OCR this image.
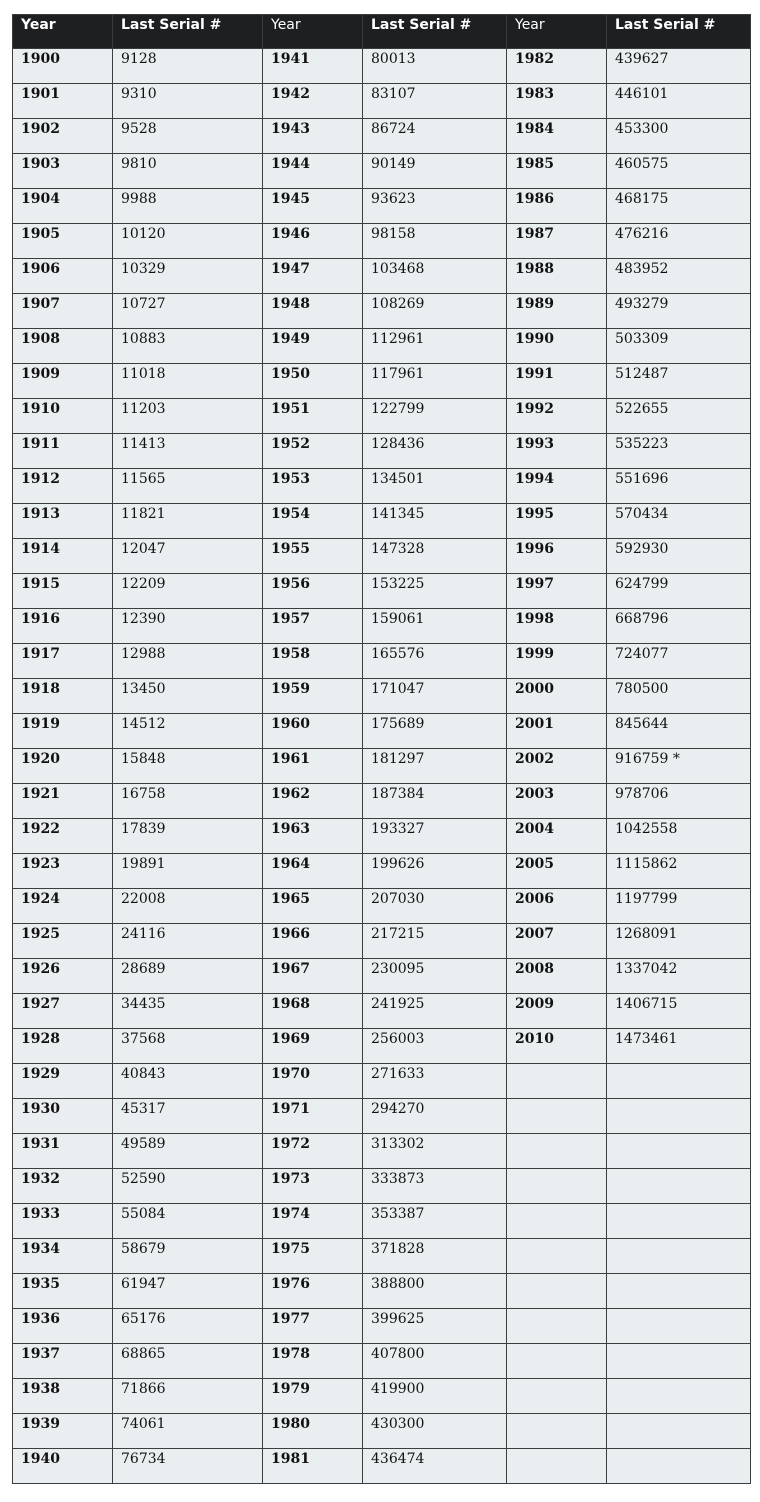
Year	Last Serial #	Year	Last Serial #	Year	Last Serial #
1900	9128	1941	80013	1982	439627
1901	9310	1942	83107	1983	446101
1902	9528	1943	86724	1984	453300
1903	9810	1944	90149	1985	460575
1904	9988	1945	93623	1986	468175
1905	10120	1946	98158	1987	476216
1906	10329	1947	103468	1988	483952
1907	10727	1948	108269	1989	493279
1908	10883	1949	112961	1990	503309
1909	11018	1950	117961	1991	512487
1910	11203	1951	122799	1992	522655
1911	11413	1952	128436	1993	535223
1912	11565	1953	134501	1994	551696
1913	11821	1954	141345	1995	570434
1914	12047	1955	147328	1996	592930
1915	12209	1956	153225	1997	624799
1916	12390	1957	159061	1998	668796
1917	12988	1958	165576	1999	724077
1918	13450	1959	171047	2000	780500
1919	14512	1960	175689	2001	845644
1920	15848	1961	181297	2002	916759 *
1921	16758	1962	187384	2003	978706
1922	17839	1963	193327	2004	1042558
1923	19891	1964	199626	2005	1115862
1924	22008	1965	207030	2006	1197799
1925	24116	1966	217215	2007	1268091
1926	28689	1967	230095	2008	1337042
1927	34435	1968	241925	2009	1406715
1928	37568	1969	256003	2010	1473461
1929	40843	1970	271633		
1930	45317	1971	294270		
1931	49589	1972	313302		
1932	52590	1973	333873		
1933	55084	1974	353387		
1934	58679	1975	371828		
1935	61947	1976	388800		
1936	65176	1977	399625		
1937	68865	1978	407800		
1938	71866	1979	419900		
1939	74061	1980	430300		
1940	76734	1981	436474		
